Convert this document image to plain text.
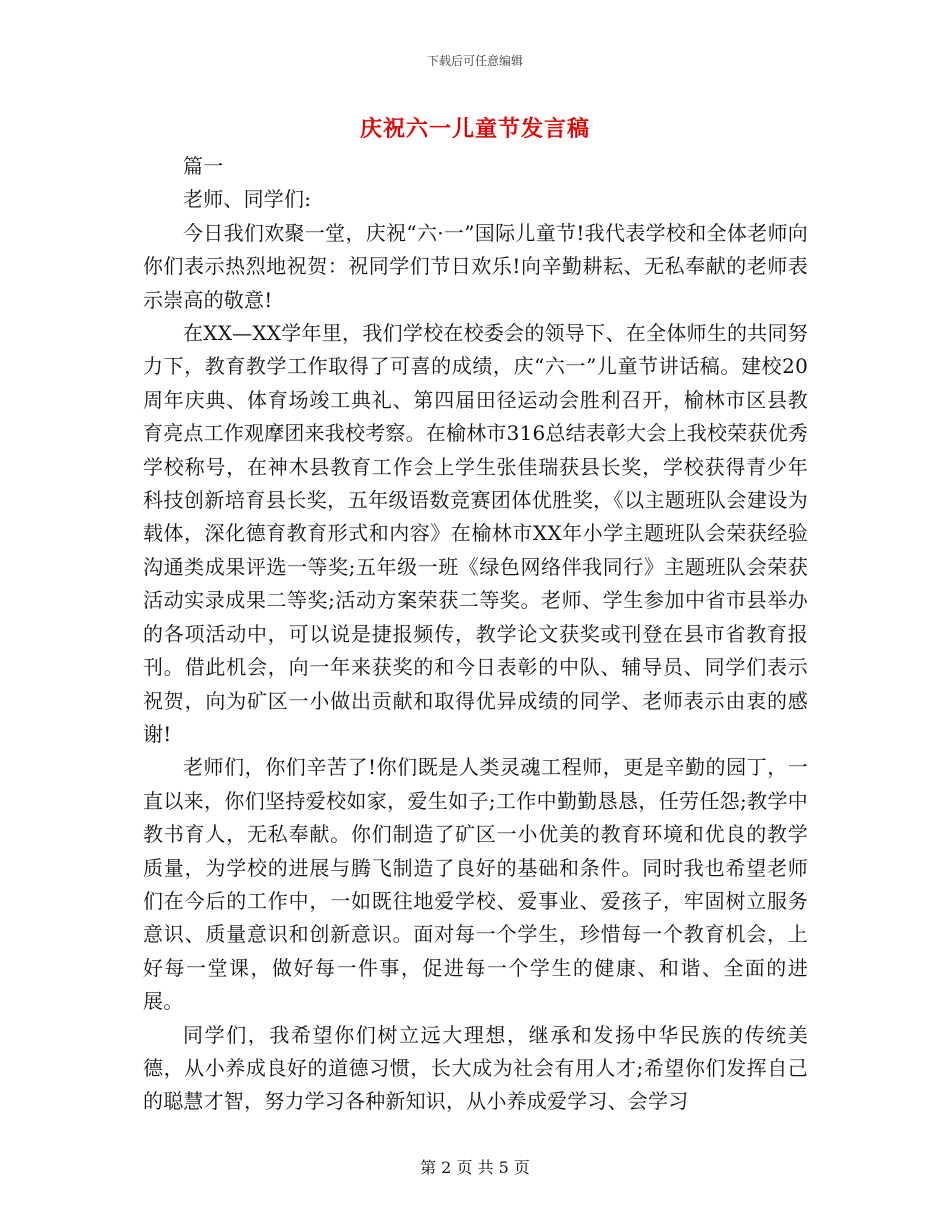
下载后可任意编辑
庆祝六一儿童节发言稿

篇一

老师、同学们:

今日我们欢聚一堂，庆祝“六·一”国际儿童节!我代表学校和全体老师向你们表示热烈地祝贺：祝同学们节日欢乐!向辛勤耕耘、无私奉献的老师表示崇高的敬意!

在XX—XX学年里，我们学校在校委会的领导下、在全体师生的共同努力下，教育教学工作取得了可喜的成绩，庆“六一”儿童节讲话稿。建校20周年庆典、体育场竣工典礼、第四届田径运动会胜利召开，榆林市区县教育亮点工作观摩团来我校考察。在榆林市316总结表彰大会上我校荣获优秀学校称号，在神木县教育工作会上学生张佳瑞获县长奖，学校获得青少年科技创新培育县长奖，五年级语数竞赛团体优胜奖，《以主题班队会建设为载体，深化德育教育形式和内容》在榆林市XX年小学主题班队会荣获经验沟通类成果评选一等奖;五年级一班《绿色网络伴我同行》主题班队会荣获活动实录成果二等奖;活动方案荣获二等奖。老师、学生参加中省市县举办的各项活动中，可以说是捷报频传，教学论文获奖或刊登在县市省教育报刊。借此机会，向一年来获奖的和今日表彰的中队、辅导员、同学们表示祝贺，向为矿区一小做出贡献和取得优异成绩的同学、老师表示由衷的感谢!

老师们，你们辛苦了!你们既是人类灵魂工程师，更是辛勤的园丁，一直以来，你们坚持爱校如家，爱生如子;工作中勤勤恳恳，任劳任怨;教学中教书育人，无私奉献。你们制造了矿区一小优美的教育环境和优良的教学质量，为学校的进展与腾飞制造了良好的基础和条件。同时我也希望老师们在今后的工作中，一如既往地爱学校、爱事业、爱孩子，牢固树立服务意识、质量意识和创新意识。面对每一个学生，珍惜每一个教育机会，上好每一堂课，做好每一件事，促进每一个学生的健康、和谐、全面的进展。

同学们，我希望你们树立远大理想，继承和发扬中华民族的传统美德，从小养成良好的道德习惯，长大成为社会有用人才;希望你们发挥自己的聪慧才智，努力学习各种新知识，从小养成爱学习、会学习

第 2 页 共 5 页
